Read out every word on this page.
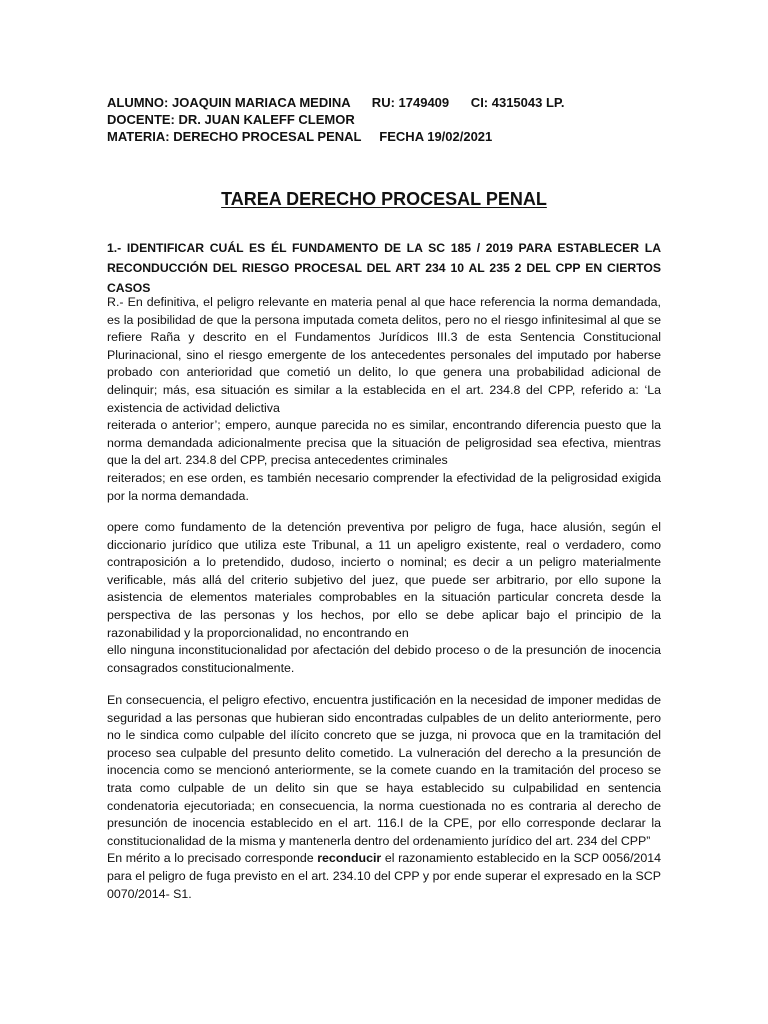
ALUMNO: JOAQUIN MARIACA MEDINA      RU: 1749409      CI: 4315043 LP.
DOCENTE: DR. JUAN KALEFF CLEMOR
MATERIA: DERECHO PROCESAL PENAL     FECHA 19/02/2021
TAREA DERECHO PROCESAL PENAL
1.- IDENTIFICAR CUÁL ES ÉL FUNDAMENTO DE LA SC 185 / 2019 PARA ESTABLECER LA RECONDUCCIÓN DEL RIESGO PROCESAL DEL ART 234 10 AL 235 2 DEL CPP EN CIERTOS CASOS

R.- En definitiva, el peligro relevante en materia penal al que hace referencia la norma demandada, es la posibilidad de que la persona imputada cometa delitos, pero no el riesgo infinitesimal al que se refiere Raña y descrito en el Fundamentos Jurídicos III.3 de esta Sentencia Constitucional Plurinacional, sino el riesgo emergente de los antecedentes personales del imputado por haberse probado con anterioridad que cometió un delito, lo que genera una probabilidad adicional de delinquir; más, esa situación es similar a la establecida en el art. 234.8 del CPP, referido a: ‘La existencia de actividad delictiva

reiterada o anterior’; empero, aunque parecida no es similar, encontrando diferencia puesto que la norma demandada adicionalmente precisa que la situación de peligrosidad sea efectiva, mientras que la del art. 234.8 del CPP, precisa antecedentes criminales

reiterados; en ese orden, es también necesario comprender la efectividad de la peligrosidad exigida por la norma demandada.

opere como fundamento de la detención preventiva por peligro de fuga, hace alusión, según el diccionario jurídico que utiliza este Tribunal, a 11 un apeligro existente, real o verdadero, como contraposición a lo pretendido, dudoso, incierto o nominal; es decir a un peligro materialmente verificable, más allá del criterio subjetivo del juez, que puede ser arbitrario, por ello supone la asistencia de elementos materiales comprobables en la situación particular concreta desde la perspectiva de las personas y los hechos, por ello se debe aplicar bajo el principio de la razonabilidad y la proporcionalidad, no encontrando en

ello ninguna inconstitucionalidad por afectación del debido proceso o de la presunción de inocencia consagrados constitucionalmente.

En consecuencia, el peligro efectivo, encuentra justificación en la necesidad de imponer medidas de seguridad a las personas que hubieran sido encontradas culpables de un delito anteriormente, pero no le sindica como culpable del ilícito concreto que se juzga, ni provoca que en la tramitación del proceso sea culpable del presunto delito cometido. La vulneración del derecho a la presunción de inocencia como se mencionó anteriormente, se la comete cuando en la tramitación del proceso se trata como culpable de un delito sin que se haya establecido su culpabilidad en sentencia condenatoria ejecutoriada; en consecuencia, la norma cuestionada no es contraria al derecho de presunción de inocencia establecido en el art. 116.I de la CPE, por ello corresponde declarar la constitucionalidad de la misma y mantenerla dentro del ordenamiento jurídico del art. 234 del CPP”

En mérito a lo precisado corresponde reconducir el razonamiento establecido en la SCP 0056/2014 para el peligro de fuga previsto en el art. 234.10 del CPP y por ende superar el expresado en la SCP 0070/2014- S1.
